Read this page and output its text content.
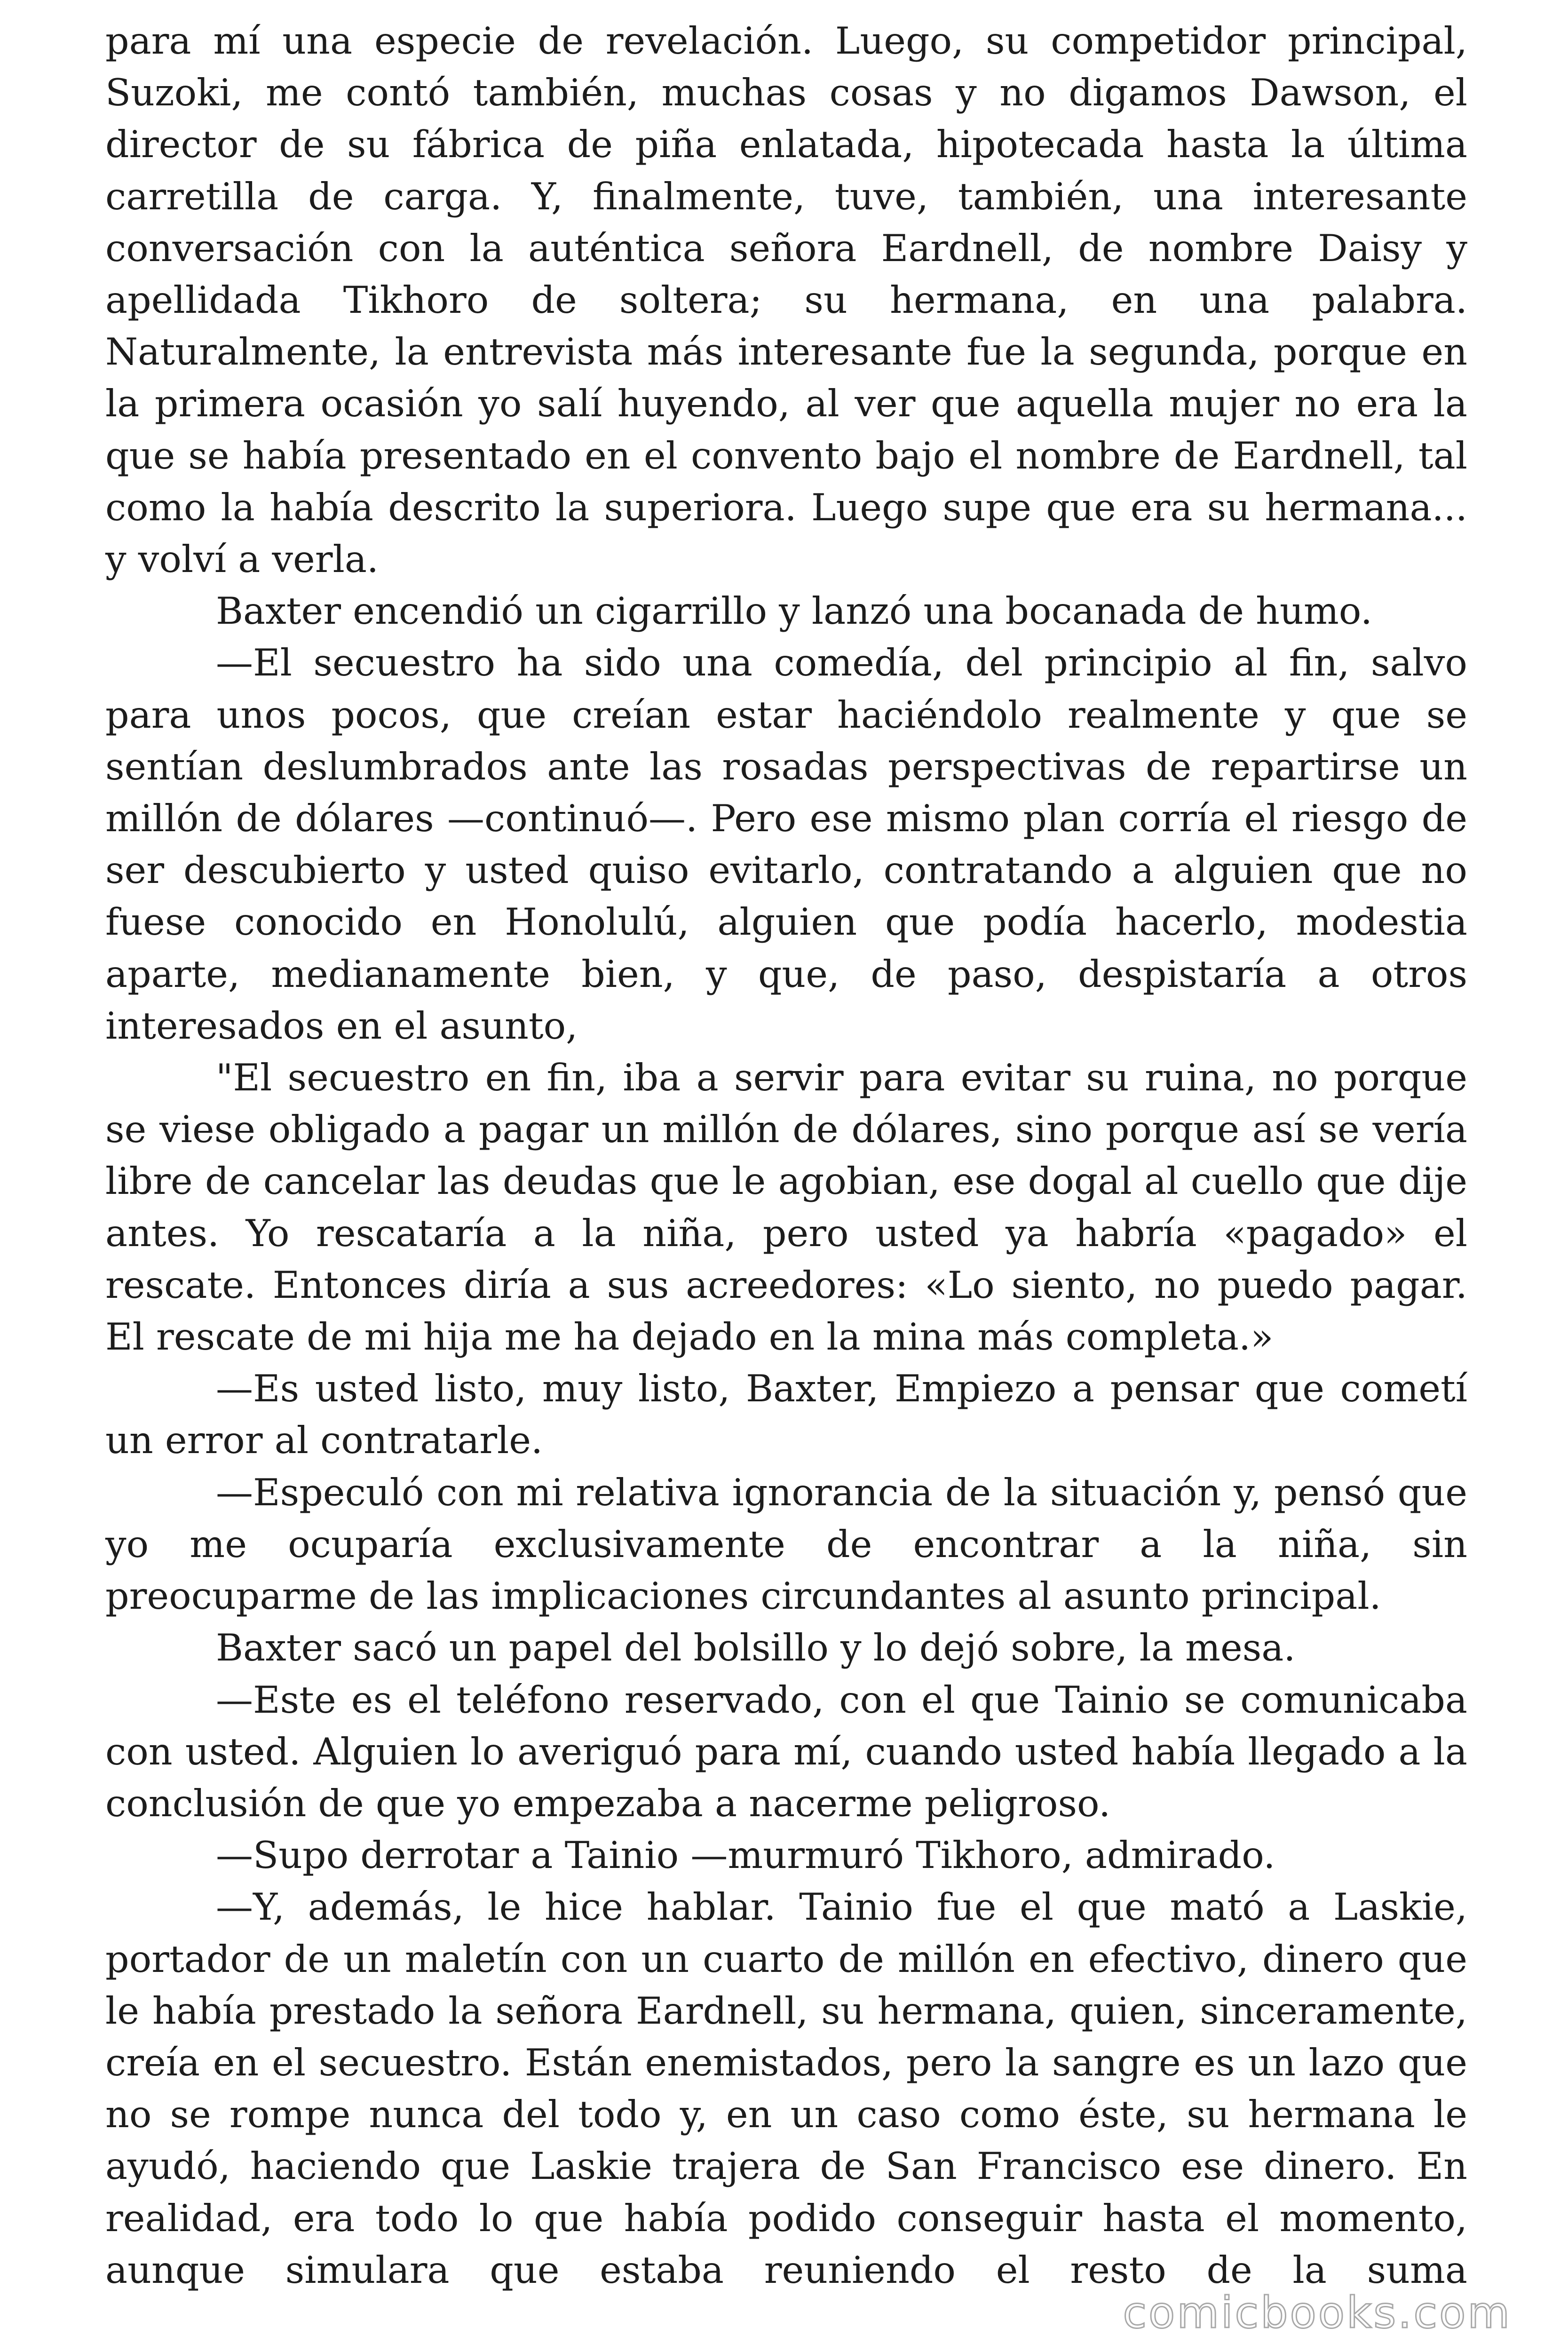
para mí una especie de revelación. Luego, su competidor principal, Suzoki, me contó también, muchas cosas y no digamos Dawson, el director de su fábrica de piña enlatada, hipotecada hasta la última carretilla de carga. Y, finalmente, tuve, también, una interesante conversación con la auténtica señora Eardnell, de nombre Daisy y apellidada Tikhoro de soltera; su hermana, en una palabra. Naturalmente, la entrevista más interesante fue la segunda, porque en la primera ocasión yo salí huyendo, al ver que aquella mujer no era la que se había presentado en el convento bajo el nombre de Eardnell, tal como la había descrito la superiora. Luego supe que era su hermana... y volví a verla.

Baxter encendió un cigarrillo y lanzó una bocanada de humo.

—El secuestro ha sido una comedía, del principio al fin, salvo para unos pocos, que creían estar haciéndolo realmente y que se sentían deslumbrados ante las rosadas perspectivas de repartirse un millón de dólares —continuó—. Pero ese mismo plan corría el riesgo de ser descubierto y usted quiso evitarlo, contratando a alguien que no fuese conocido en Honolulú, alguien que podía hacerlo, modestia aparte, medianamente bien, y que, de paso, despistaría a otros interesados en el asunto,

"El secuestro en fin, iba a servir para evitar su ruina, no porque se viese obligado a pagar un millón de dólares, sino porque así se vería libre de cancelar las deudas que le agobian, ese dogal al cuello que dije antes. Yo rescataría a la niña, pero usted ya habría «pagado» el rescate. Entonces diría a sus acreedores: «Lo siento, no puedo pagar. El rescate de mi hija me ha dejado en la mina más completa.»

—Es usted listo, muy listo, Baxter, Empiezo a pensar que cometí un error al contratarle.

—Especuló con mi relativa ignorancia de la situación y, pensó que yo me ocuparía exclusivamente de encontrar a la niña, sin preocuparme de las implicaciones circundantes al asunto principal.

Baxter sacó un papel del bolsillo y lo dejó sobre, la mesa.

—Este es el teléfono reservado, con el que Tainio se comunicaba con usted. Alguien lo averiguó para mí, cuando usted había llegado a la conclusión de que yo empezaba a nacerme peligroso.

—Supo derrotar a Tainio —murmuró Tikhoro, admirado.

—Y, además, le hice hablar. Tainio fue el que mató a Laskie, portador de un maletín con un cuarto de millón en efectivo, dinero que le había prestado la señora Eardnell, su hermana, quien, sinceramente, creía en el secuestro. Están enemistados, pero la sangre es un lazo que no se rompe nunca del todo y, en un caso como éste, su hermana le ayudó, haciendo que Laskie trajera de San Francisco ese dinero. En realidad, era todo lo que había podido conseguir hasta el momento, aunque simulara que estaba reuniendo el resto de la suma

comicbooks.com
